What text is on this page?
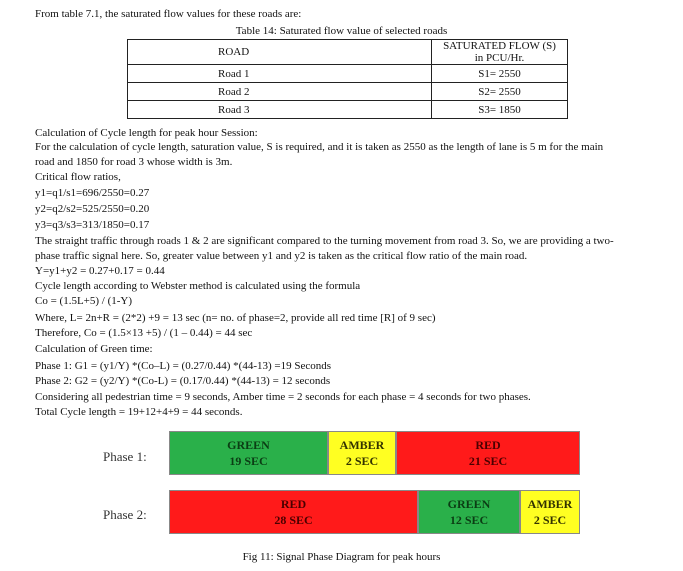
From table 7.1, the saturated flow values for these roads are:
Table 14: Saturated flow value of selected roads
ROAD	SATURATED FLOW (S) in PCU/Hr.
Road 1	S1= 2550
Road 2	S2= 2550
Road 3	S3= 1850
Calculation of Cycle length for peak hour Session:
For the calculation of cycle length, saturation value, S is required, and it is taken as 2550 as the length of lane is 5 m for the main
road and 1850 for road 3 whose width is 3m.
Critical flow ratios,
y1=q1/s1=696/2550=0.27
y2=q2/s2=525/2550=0.20
y3=q3/s3=313/1850=0.17
The straight traffic through roads 1 & 2 are significant compared to the turning movement from road 3. So, we are providing a two-
phase traffic signal here. So, greater value between y1 and y2 is taken as the critical flow ratio of the main road.
Y=y1+y2 = 0.27+0.17 = 0.44
Cycle length according to Webster method is calculated using the formula
Co = (1.5L+5) / (1-Y)
Where, L= 2n+R = (2*2) +9 = 13 sec (n= no. of phase=2, provide all red time [R] of 9 sec)
Therefore, Co = (1.5×13 +5) / (1 – 0.44) = 44 sec
Calculation of Green time:
Phase 1: G1 = (y1/Y) *(Co–L) = (0.27/0.44) *(44-13) =19 Seconds
Phase 2: G2 = (y2/Y) *(Co-L) = (0.17/0.44) *(44-13) = 12 seconds
Considering all pedestrian time = 9 seconds, Amber time = 2 seconds for each phase = 4 seconds for two phases.
Total Cycle length = 19+12+4+9 = 44 seconds.
Phase 1:
GREEN
19 SEC
AMBER
2 SEC
RED
21 SEC
Phase 2:
RED
28 SEC
GREEN
12 SEC
AMBER
2 SEC
Fig 11: Signal Phase Diagram for peak hours
